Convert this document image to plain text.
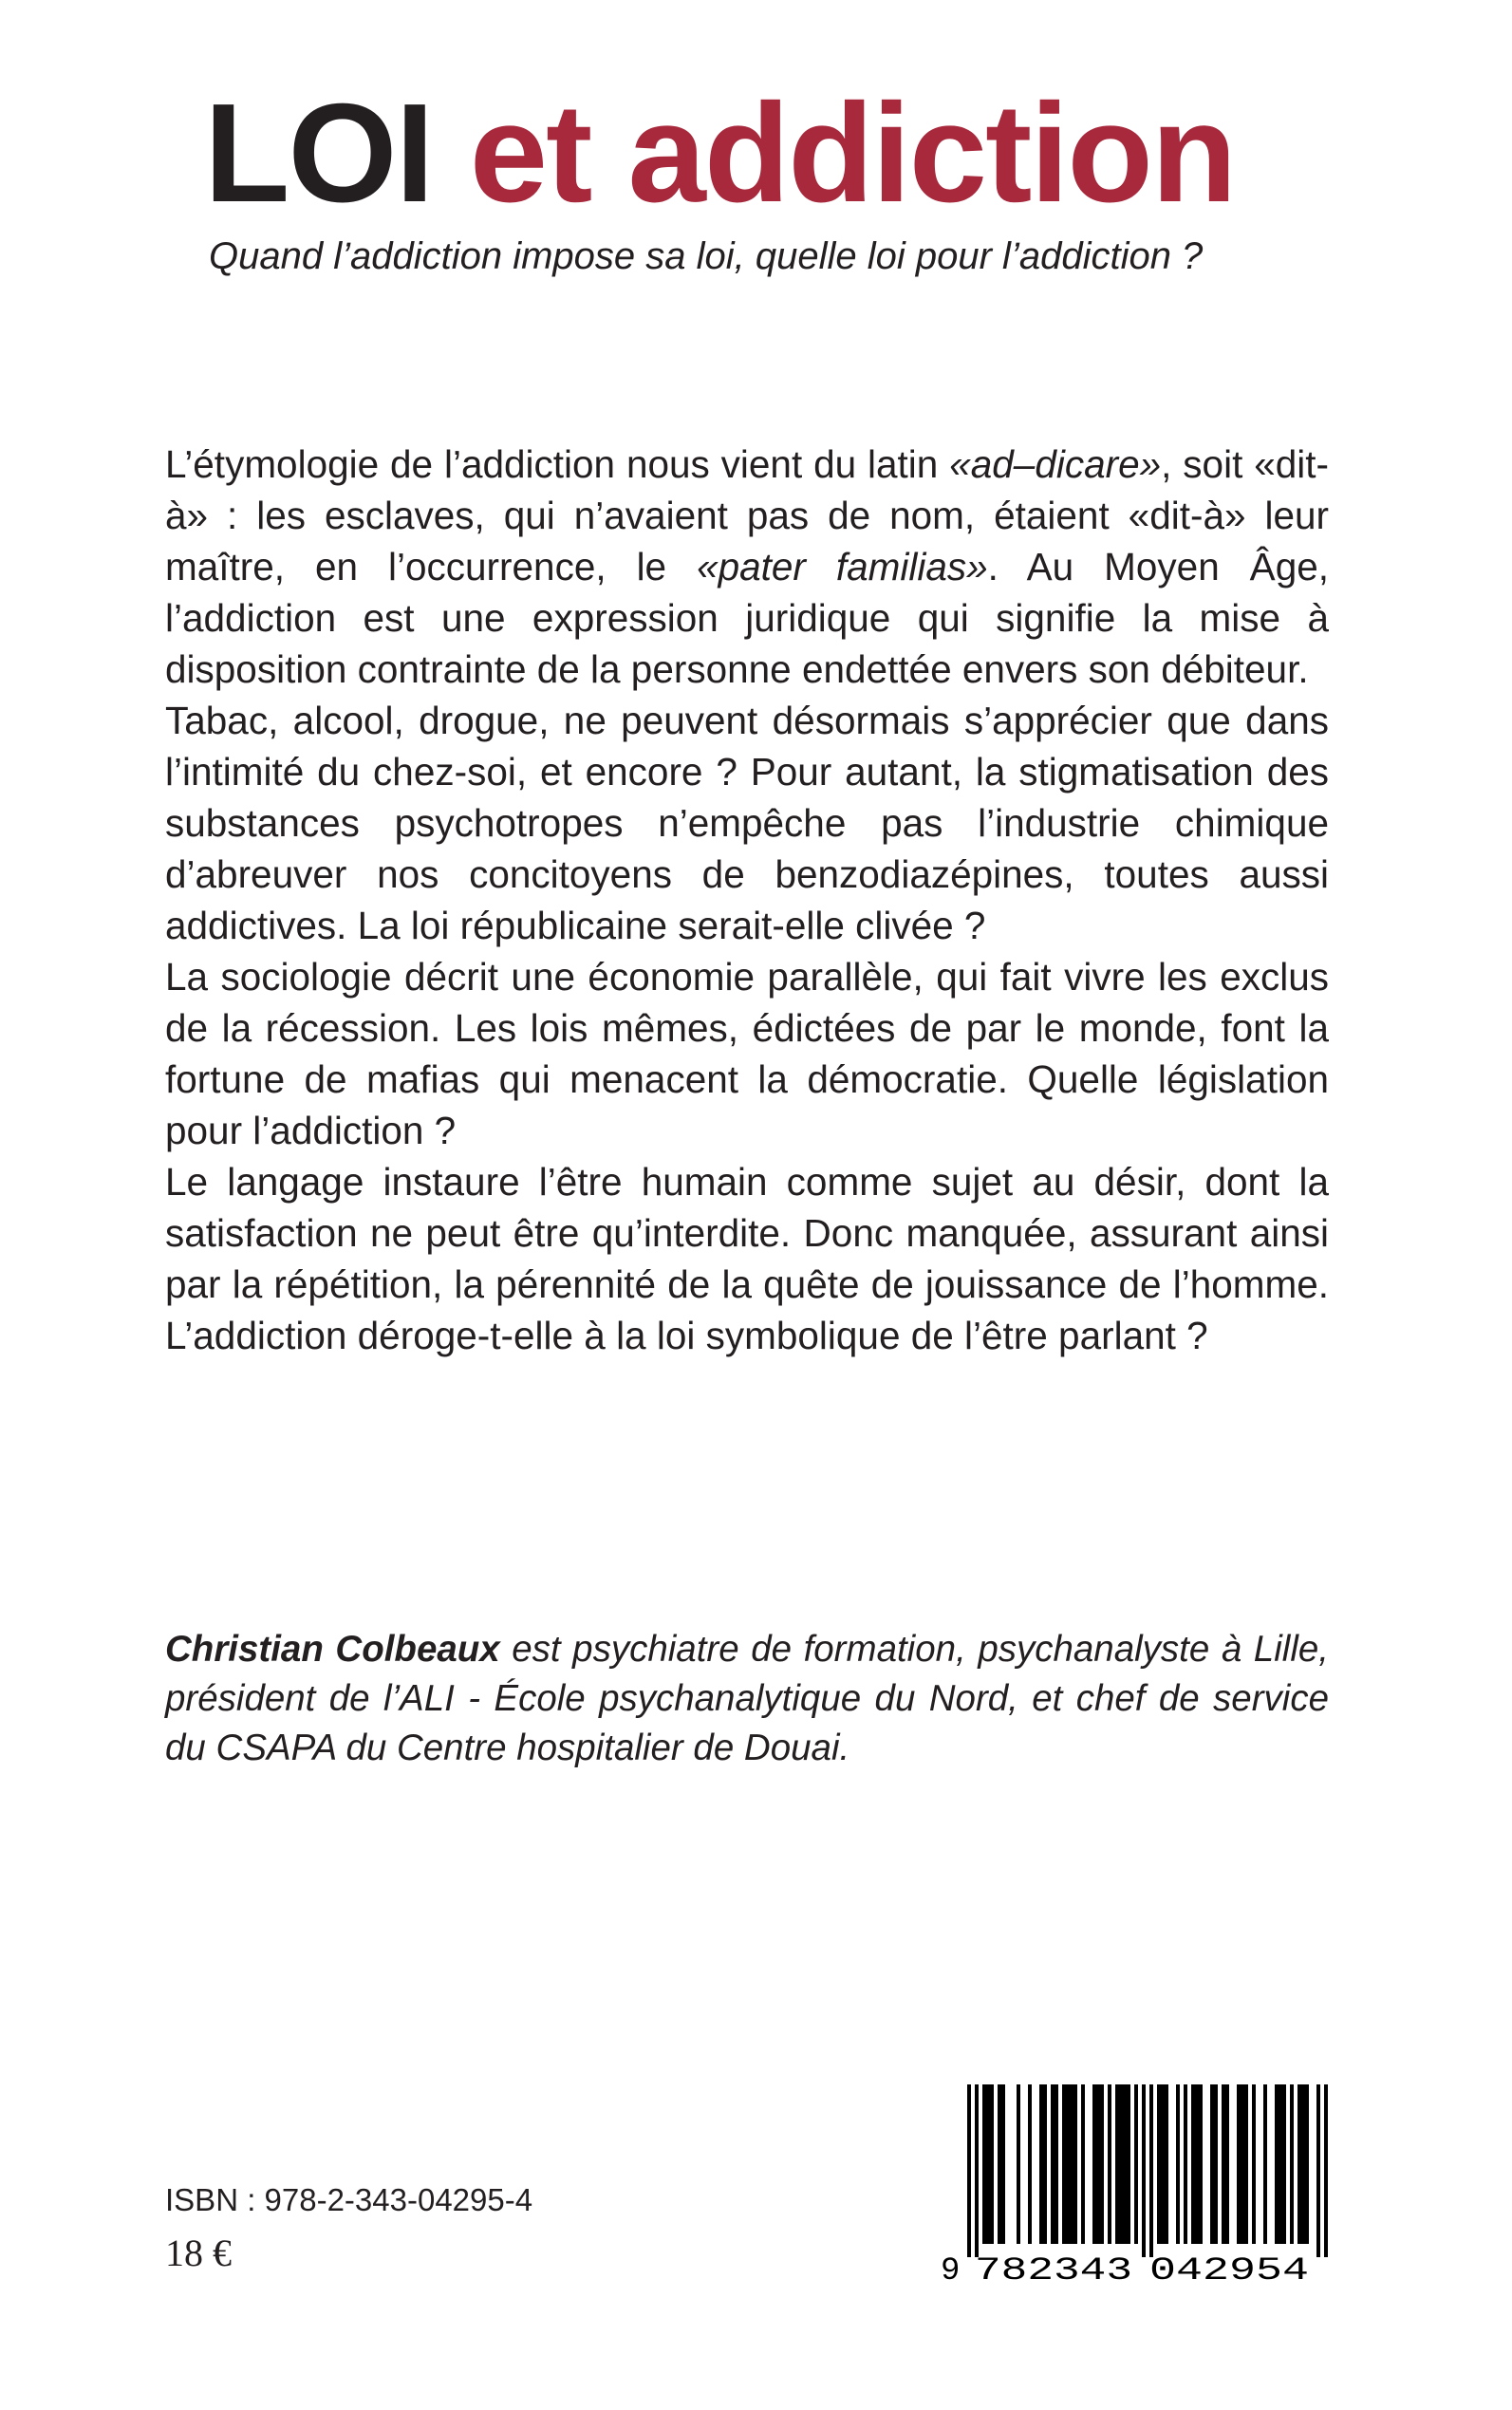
LOI et addiction

Quand l’addiction impose sa loi, quelle loi pour l’addiction ?

L’étymologie de l’addiction nous vient du latin «ad–dicare», soit «dit-à» : les esclaves, qui n’avaient pas de nom, étaient «dit-à» leur maître, en l’occurrence, le «pater familias». Au Moyen Âge, l’addiction est une expression juridique qui signifie la mise à disposition contrainte de la personne endettée envers son débiteur.

Tabac, alcool, drogue, ne peuvent désormais s’apprécier que dans l’intimité du chez-soi, et encore ? Pour autant, la stigmatisation des substances psychotropes n’empêche pas l’industrie chimique d’abreuver nos concitoyens de benzodiazépines, toutes aussi addictives. La loi républicaine serait-elle clivée ?

La sociologie décrit une économie parallèle, qui fait vivre les exclus de la récession. Les lois mêmes, édictées de par le monde, font la fortune de mafias qui menacent la démocratie. Quelle législation pour l’addiction ?

Le langage instaure l’être humain comme sujet au désir, dont la satisfaction ne peut être qu’interdite. Donc manquée, assurant ainsi par la répétition, la pérennité de la quête de jouissance de l’homme. L’addiction déroge-t-elle à la loi symbolique de l’être parlant ?

Christian Colbeaux est psychiatre de formation, psychanalyste à Lille, président de l’ALI - École psychanalytique du Nord, et chef de service du CSAPA du Centre hospitalier de Douai.

ISBN : 978-2-343-04295-4
18 €	9 782343 042954
